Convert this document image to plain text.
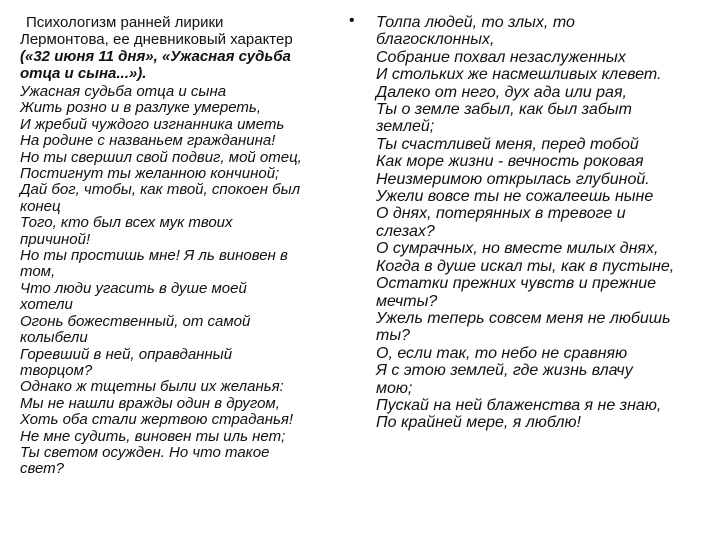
Психологизм ранней лирики
Лермонтова, ее дневниковый характер
(«32 июня 11 дня», «Ужасная судьба
отца и сына...»).
Ужасная судьба отца и сына
Жить розно и в разлуке умереть,
И жребий чуждого изгнанника иметь
На родине с названьем гражданина!
Но ты свершил свой подвиг, мой отец,
Постигнут ты желанною кончиной;
Дай бог, чтобы, как твой, спокоен был
конец
Того, кто был всех мук твоих
причиной!
Но ты простишь мне! Я ль виновен в
том,
Что люди угасить в душе моей
хотели
Огонь божественный, от самой
колыбели
Горевший в ней, оправданный
творцом?
Однако ж тщетны были их желанья:
Мы не нашли вражды один в другом,
Хоть оба стали жертвою страданья!
Не мне судить, виновен ты иль нет;
Ты светом осужден. Но что такое
свет?
• Толпа людей, то злых, то
благосклонных,
Собрание похвал незаслуженных
И стольких же насмешливых клевет.
Далеко от него, дух ада или рая,
Ты о земле забыл, как был забыт
землей;
Ты счастливей меня, перед тобой
Как море жизни - вечность роковая
Неизмеримою открылась глубиной.
Ужели вовсе ты не сожалеешь ныне
О днях, потерянных в тревоге и
слезах?
О сумрачных, но вместе милых днях,
Когда в душе искал ты, как в пустыне,
Остатки прежних чувств и прежние
мечты?
Ужель теперь совсем меня не любишь
ты?
О, если так, то небо не сравняю
Я с этою землей, где жизнь влачу
мою;
Пускай на ней блаженства я не знаю,
По крайней мере, я люблю!
